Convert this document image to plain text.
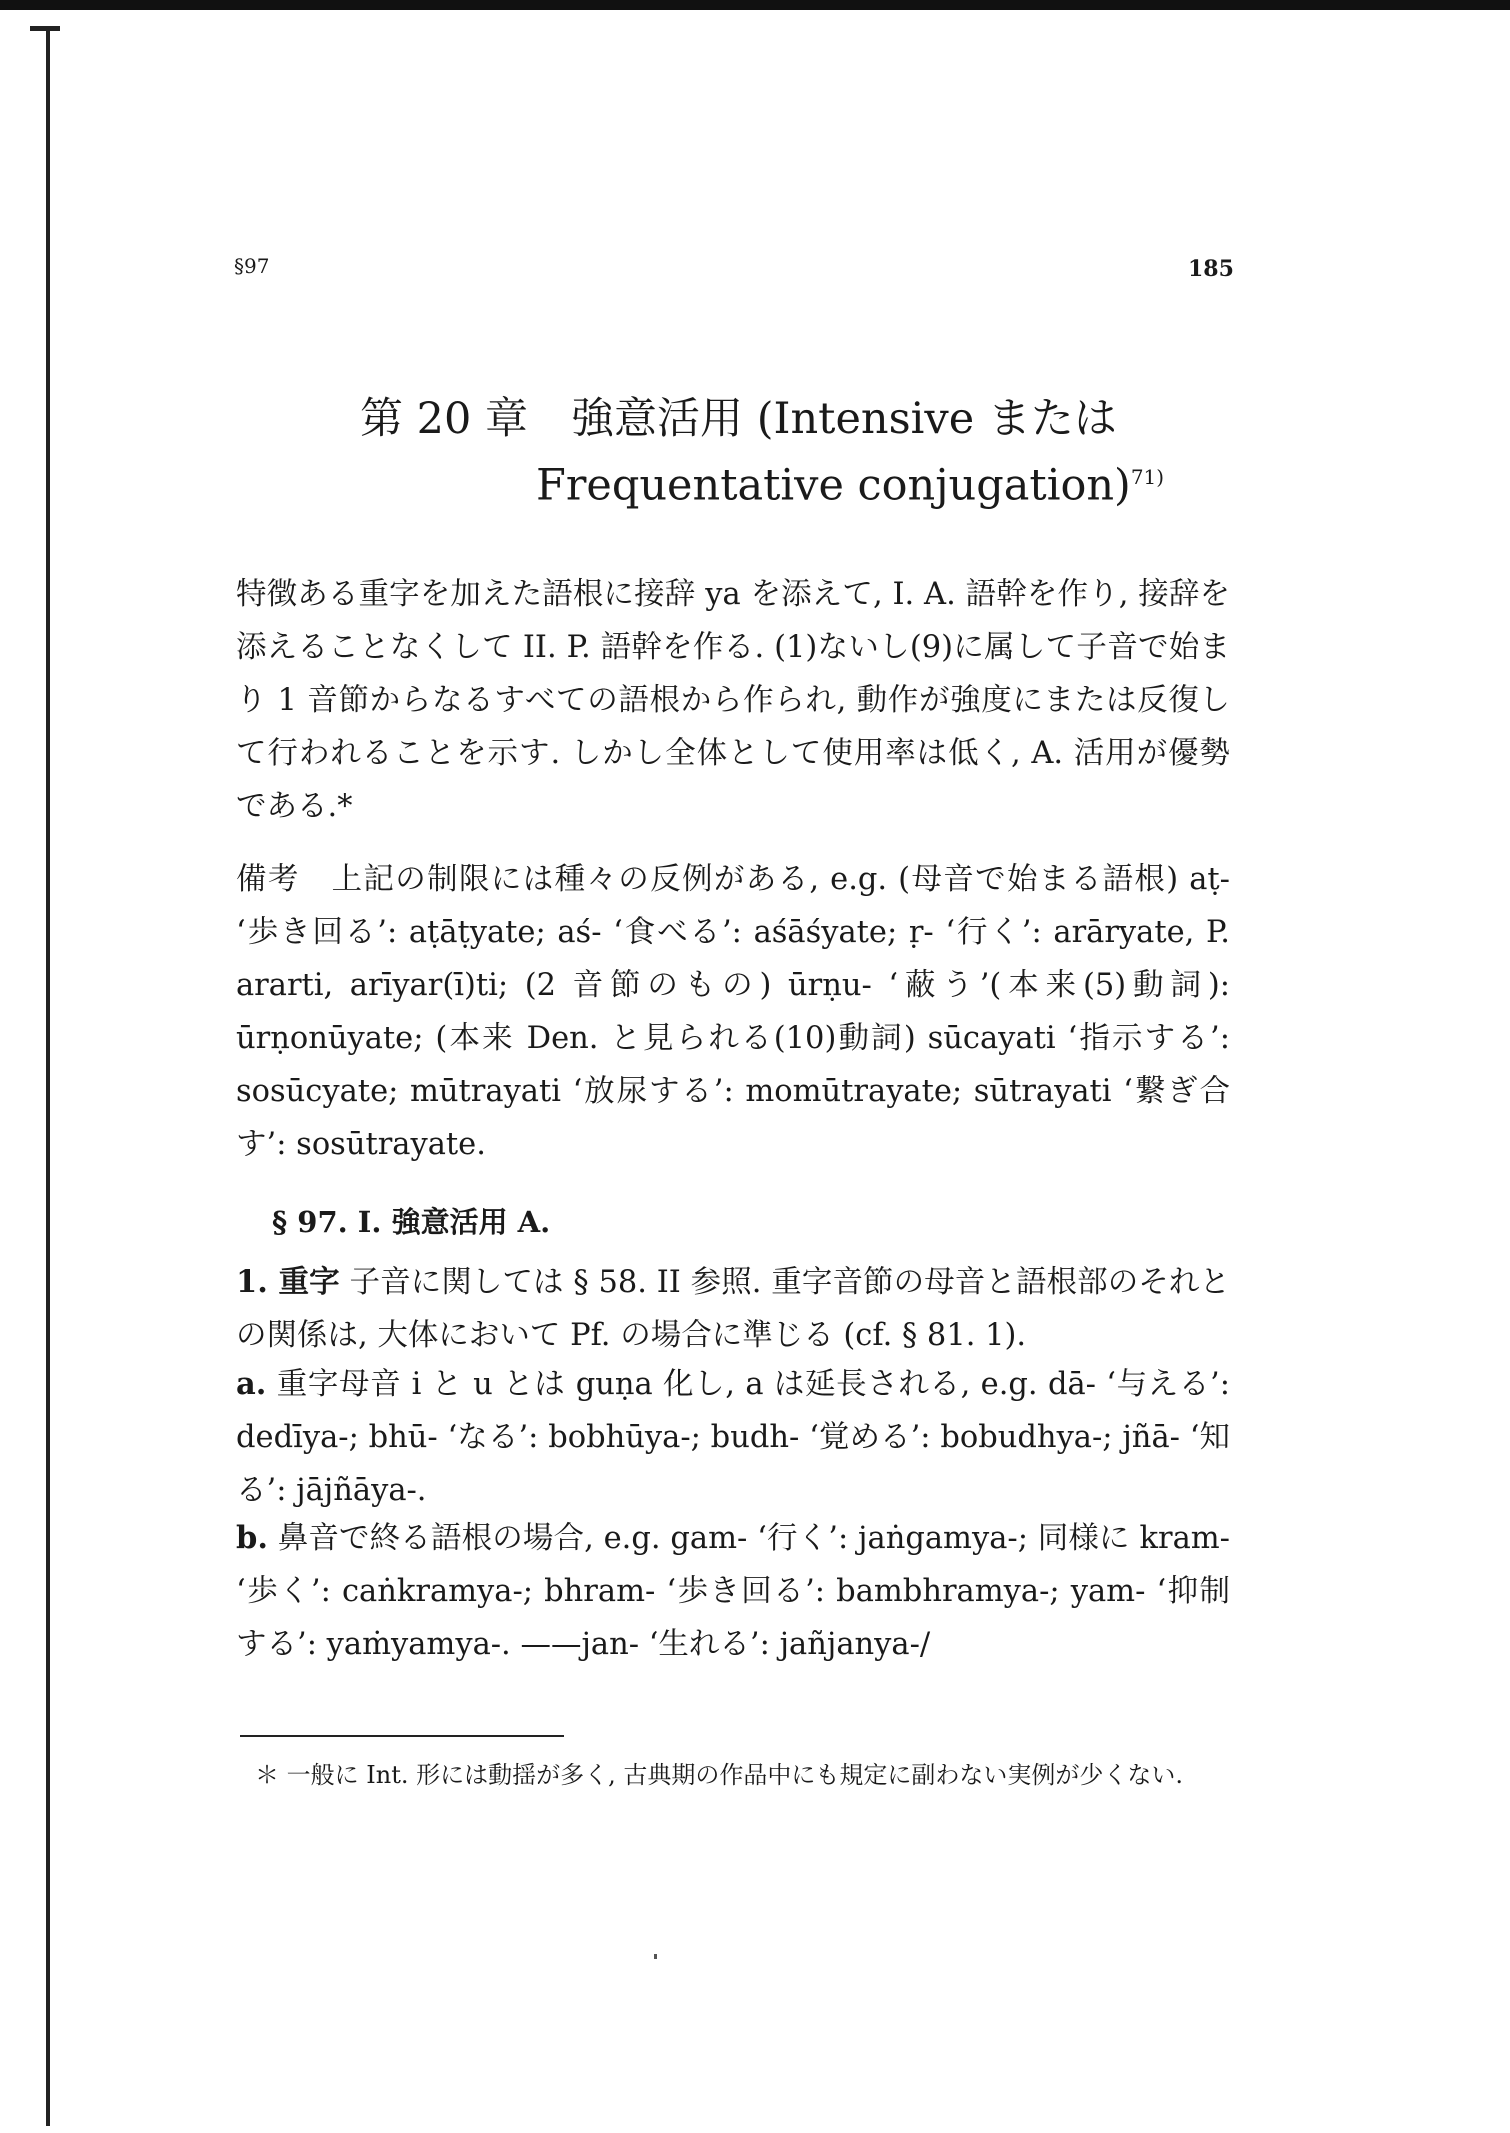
§97	185
第 20 章　強意活用 (Intensive または
Frequentative conjugation)$^{71)}$
特徴ある重字を加えた語根に接辞 ya を添えて, I. A. 語幹を作り, 接辞を添えることなくして II. P. 語幹を作る. (1)ないし(9)に属して子音で始まり 1 音節からなるすべての語根から作られ, 動作が強度にまたは反復して行われることを示す. しかし全体として使用率は低く, A. 活用が優勢である.*
備考　上記の制限には種々の反例がある, e.g. (母音で始まる語根) aṭ- ‘歩き回る’: aṭāṭyate; aś- ‘食べる’: aśāśyate; ṛ- ‘行く’: arāryate, P. ararti, arīyar(ī)ti; (2 音節のもの) ūrṇu- ‘蔽う’(本来(5)動詞): ūrṇonūyate; (本来 Den. と見られる(10)動詞) sūcayati ‘指示する’: sosūcyate; mūtrayati ‘放尿する’: momūtrayate; sūtrayati ‘繋ぎ合す’: sosūtrayate.
§ 97. I. 強意活用 A.
1. 重字 子音に関しては § 58. II 参照. 重字音節の母音と語根部のそれとの関係は, 大体において Pf. の場合に準じる (cf. § 81. 1).
a. 重字母音 i と u とは guṇa 化し, a は延長される, e.g. dā- ‘与える’: dedīya-; bhū- ‘なる’: bobhūya-; budh- ‘覚める’: bobudhya-; jñā- ‘知る’: jājñāya-.
b. 鼻音で終る語根の場合, e.g. gam- ‘行く’: jaṅgamya-; 同様に kram- ‘歩く’: caṅkramya-; bhram- ‘歩き回る’: bambhramya-; yam- ‘抑制する’: yaṁyamya-. ——jan- ‘生れる’: jañjanya-/
＊ 一般に Int. 形には動揺が多く, 古典期の作品中にも規定に副わない実例が少くない.
